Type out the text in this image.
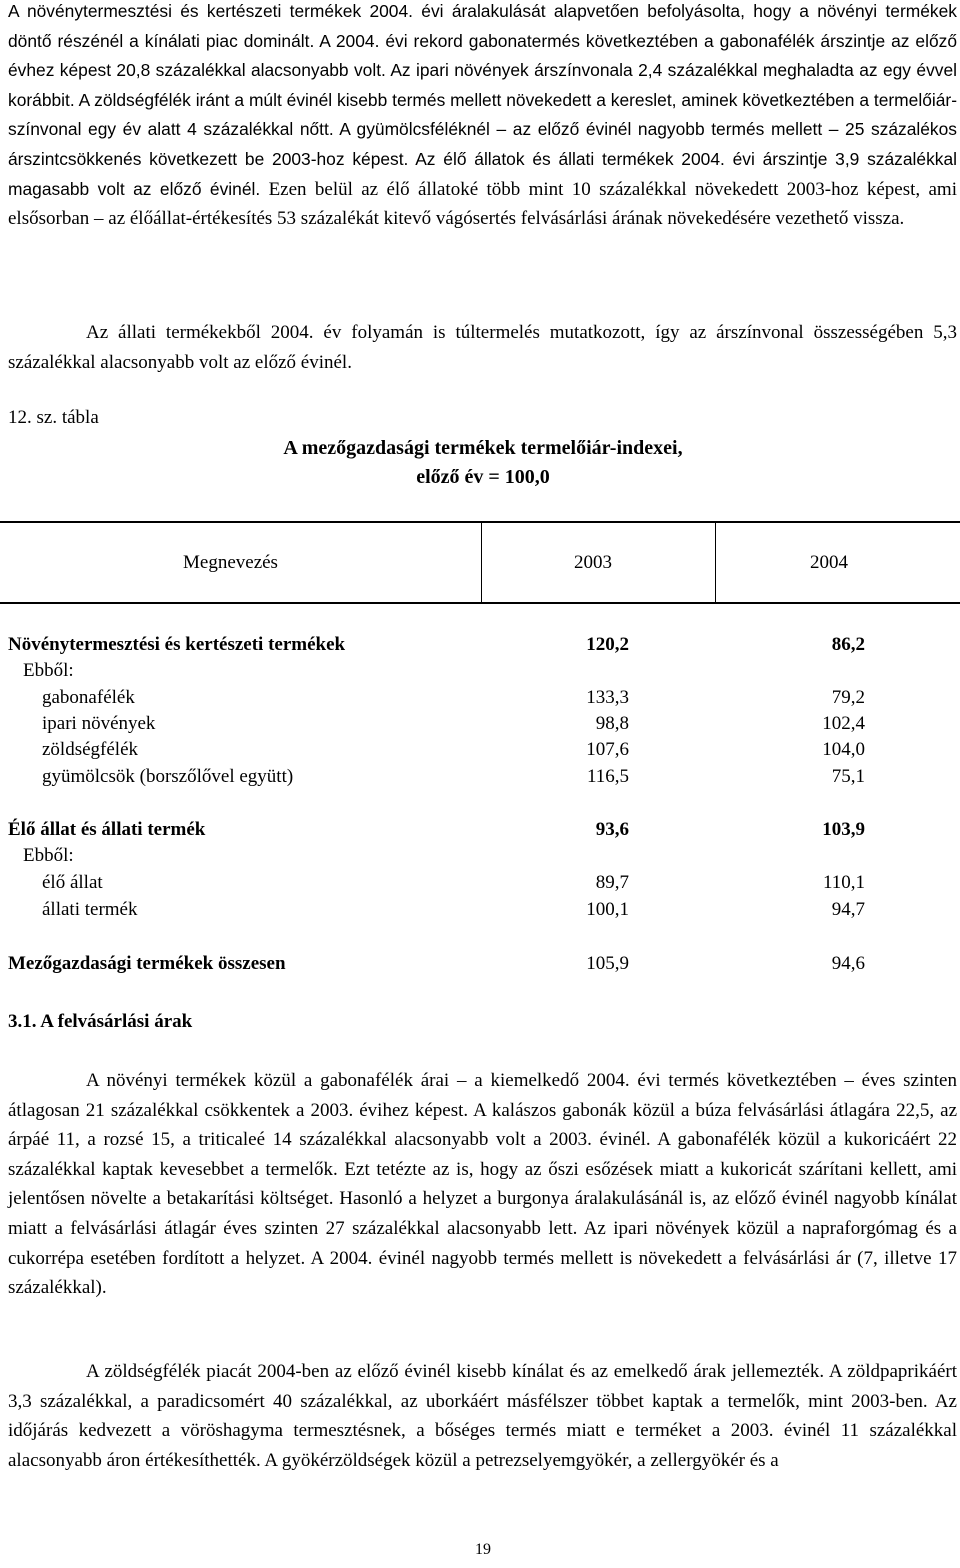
A növénytermesztési és kertészeti termékek 2004. évi áralakulását alapvetően befolyásolta, hogy a növényi termékek döntő részénél a kínálati piac dominált. A 2004. évi rekord gabonatermés következtében a gabonafélék árszintje az előző évhez képest 20,8 százalékkal alacsonyabb volt. Az ipari növények árszínvonala 2,4 százalékkal meghaladta az egy évvel korábbit. A zöldségfélék iránt a múlt évinél kisebb termés mellett növekedett a kereslet, aminek következtében a termelőiár-színvonal egy év alatt 4 százalékkal nőtt. A gyümölcsféléknél – az előző évinél nagyobb termés mellett – 25 százalékos árszintcsökkenés következett be 2003-hoz képest. Az élő állatok és állati termékek 2004. évi árszintje 3,9 százalékkal magasabb volt az előző évinél. Ezen belül az élő állatoké több mint 10 százalékkal növekedett 2003-hoz képest, ami elsősorban – az élőállat-értékesítés 53 százalékát kitevő vágósertés felvásárlási árának növekedésére vezethető vissza.

Az állati termékekből 2004. év folyamán is túltermelés mutatkozott, így az árszínvonal összességében 5,3 százalékkal alacsonyabb volt az előző évinél.

12. sz. tábla
A mezőgazdasági termékek termelőiár-indexei,
előző év = 100,0
Megnevezés	2003	2004
Növénytermesztési és kertészeti termékek	120,2	86,2
Ebből:
gabonafélék	133,3	79,2
ipari növények	98,8	102,4
zöldségfélék	107,6	104,0
gyümölcsök (borszőlővel együtt)	116,5	75,1
Élő állat és állati termék	93,6	103,9
Ebből:
élő állat	89,7	110,1
állati termék	100,1	94,7
Mezőgazdasági termékek összesen	105,9	94,6
3.1. A felvásárlási árak

A növényi termékek közül a gabonafélék árai – a kiemelkedő 2004. évi termés következtében – éves szinten átlagosan 21 százalékkal csökkentek a 2003. évihez képest. A kalászos gabonák közül a búza felvásárlási átlagára 22,5, az árpáé 11, a rozsé 15, a triticaleé 14 százalékkal alacsonyabb volt a 2003. évinél. A gabonafélék közül a kukoricáért 22 százalékkal kaptak kevesebbet a termelők. Ezt tetézte az is, hogy az őszi esőzések miatt a kukoricát szárítani kellett, ami jelentősen növelte a betakarítási költséget. Hasonló a helyzet a burgonya áralakulásánál is, az előző évinél nagyobb kínálat miatt a felvásárlási átlagár éves szinten 27 százalékkal alacsonyabb lett. Az ipari növények közül a napraforgómag és a cukorrépa esetében fordított a helyzet. A 2004. évinél nagyobb termés mellett is növekedett a felvásárlási ár (7, illetve 17 százalékkal).

A zöldségfélék piacát 2004-ben az előző évinél kisebb kínálat és az emelkedő árak jellemezték. A zöldpaprikáért 3,3 százalékkal, a paradicsomért 40 százalékkal, az uborkáért másfélszer többet kaptak a termelők, mint 2003-ben. Az időjárás kedvezett a vöröshagyma termesztésnek, a bőséges termés miatt e terméket a 2003. évinél 11 százalékkal alacsonyabb áron értékesíthették. A gyökérzöldségek közül a petrezselyemgyökér, a zellergyökér és a

19
